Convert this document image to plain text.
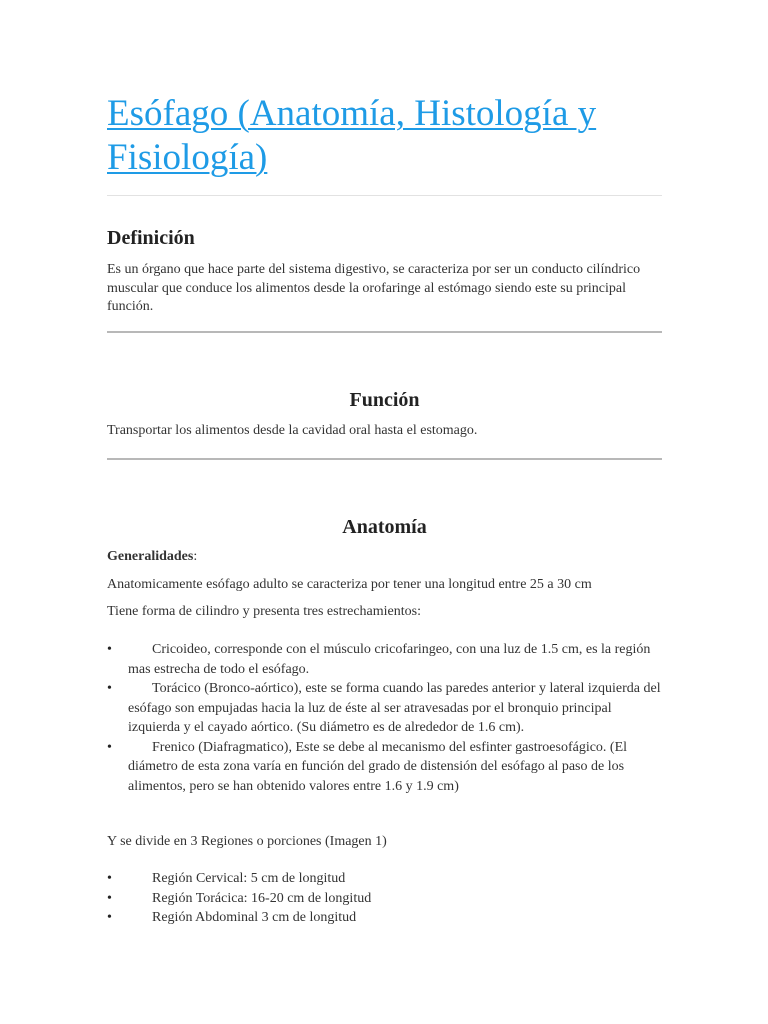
Esófago (Anatomía, Histología y Fisiología)
Definición

Es un órgano que hace parte del sistema digestivo, se caracteriza por ser un conducto cilíndrico muscular que conduce los alimentos desde la orofaringe al estómago siendo este su principal función.

Función

Transportar los alimentos desde la cavidad oral hasta el estomago.

Anatomía

Generalidades:

Anatomicamente esófago adulto se caracteriza por tener una longitud entre 25 a 30 cm

Tiene forma de cilindro y presenta tres estrechamientos:

•	Cricoideo, corresponde con el músculo cricofaringeo, con una luz de 1.5 cm, es la región mas estrecha de todo el esófago.
•	Torácico (Bronco-aórtico), este se forma cuando las paredes anterior y lateral izquierda del esófago son empujadas hacia la luz de éste al ser atravesadas por el bronquio principal izquierda y el cayado aórtico. (Su diámetro es de alrededor de 1.6 cm).
•	Frenico (Diafragmatico), Este se debe al mecanismo del esfinter gastroesofágico. (El diámetro de esta zona varía en función del grado de distensión del esófago al paso de los alimentos, pero se han obtenido valores entre 1.6 y 1.9 cm)

Y se divide en 3 Regiones o porciones (Imagen 1)

•	Región Cervical: 5 cm de longitud
•	Región Torácica: 16-20 cm de longitud
•	Región Abdominal 3 cm de longitud
